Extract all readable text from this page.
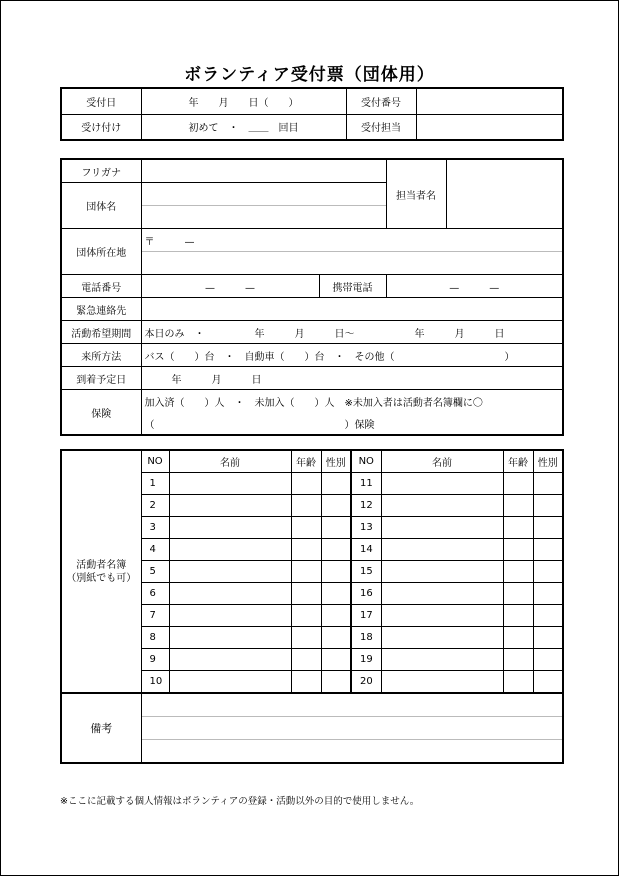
ボランティア受付票（団体用）
受付日	年　　月　　日（　　）	受付番号	
受け付け	初めて　・　＿＿　回目	受付担当	
フリガナ			担当者名	
団体名				

団体所在地	〒　　　—			

電話番号	—　　　—	携帯電話	—　　　—	
緊急連絡先				
活動希望期間	本日のみ　・　　　　　年　　　月　　　日〜　　　　　　年　　　月　　　日			
来所方法	バス（　　）台　・　自動車（　　）台　・　その他（　　　　　　　　　　　）			
到着予定日	年　　　月　　　日			
保険	加入済（　　）人　・　未加入（　　）人　※未加入者は活動者名簿欄に〇			
	（　　　　　　　　　　　　　　　　　　　）保険			
活動者名簿
（別紙でも可）	NO	名前	年齢	性別	NO	名前	年齢	性別
	1				11			
	2				12			
	3				13			
	4				14			
	5				15			
	6				16			
	7				17			
	8				18			
	9				19			
	10				20			
備考								

※ここに記載する個人情報はボランティアの登録・活動以外の目的で使用しません。
